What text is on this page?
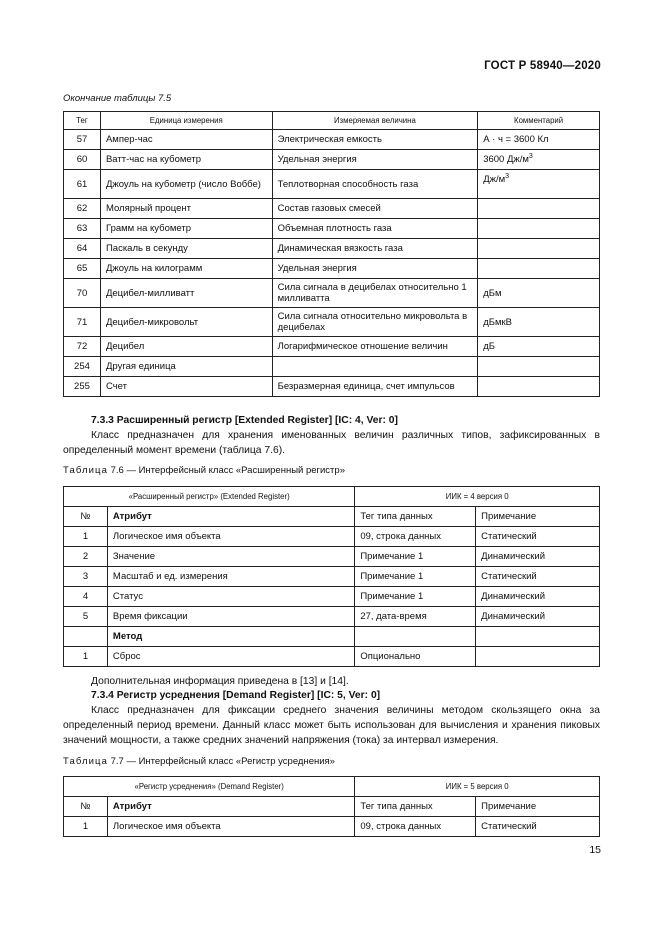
ГОСТ Р 58940—2020
Окончание таблицы 7.5
Тег	Единица измерения	Измеряемая величина	Комментарий
57	Ампер-час	Электрическая емкость	А · ч = 3600 Кл
60	Ватт-час на кубометр	Удельная энергия	3600 $Дж/м^3$
61	Джоуль на кубометр (число Воббе)	Теплотворная способность газа	$Дж/м^3$
62	Молярный процент	Состав газовых смесей	
63	Грамм на кубометр	Объемная плотность газа	
64	Паскаль в секунду	Динамическая вязкость газа	
65	Джоуль на килограмм	Удельная энергия	
70	Децибел-милливатт	Сила сигнала в децибелах относительно 1 милливатта	дБм
71	Децибел-микровольт	Сила сигнала относительно микровольта в децибелах	дБмкВ
72	Децибел	Логарифмическое отношение величин	дБ
254	Другая единица		
255	Счет	Безразмерная единица, счет импульсов	
7.3.3 Расширенный регистр [Extended Register] [IC: 4, Ver: 0]
Класс предназначен для хранения именованных величин различных типов, зафиксированных в определенный момент времени (таблица 7.6).
Таблица 7.6 — Интерфейсный класс «Расширенный регистр»
«Расширенный регистр» (Extended Register)		ИИК = 4 версия 0	
№	Атрибут	Тег типа данных	Примечание
1	Логическое имя объекта	09, строка данных	Статический
2	Значение	Примечание 1	Динамический
3	Масштаб и ед. измерения	Примечание 1	Статический
4	Статус	Примечание 1	Динамический
5	Время фиксации	27, дата-время	Динамический
	Метод		
1	Сброс	Опционально	
Дополнительная информация приведена в [13] и [14].
7.3.4 Регистр усреднения [Demand Register] [IC: 5, Ver: 0]
Класс предназначен для фиксации среднего значения величины методом скользящего окна за определенный период времени. Данный класс может быть использован для вычисления и хранения пиковых значений мощности, а также средних значений напряжения (тока) за интервал измерения.
Таблица 7.7 — Интерфейсный класс «Регистр усреднения»
«Регистр усреднения» (Demand Register)		ИИК = 5 версия 0	
№	Атрибут	Тег типа данных	Примечание
1	Логическое имя объекта	09, строка данных	Статический
15
